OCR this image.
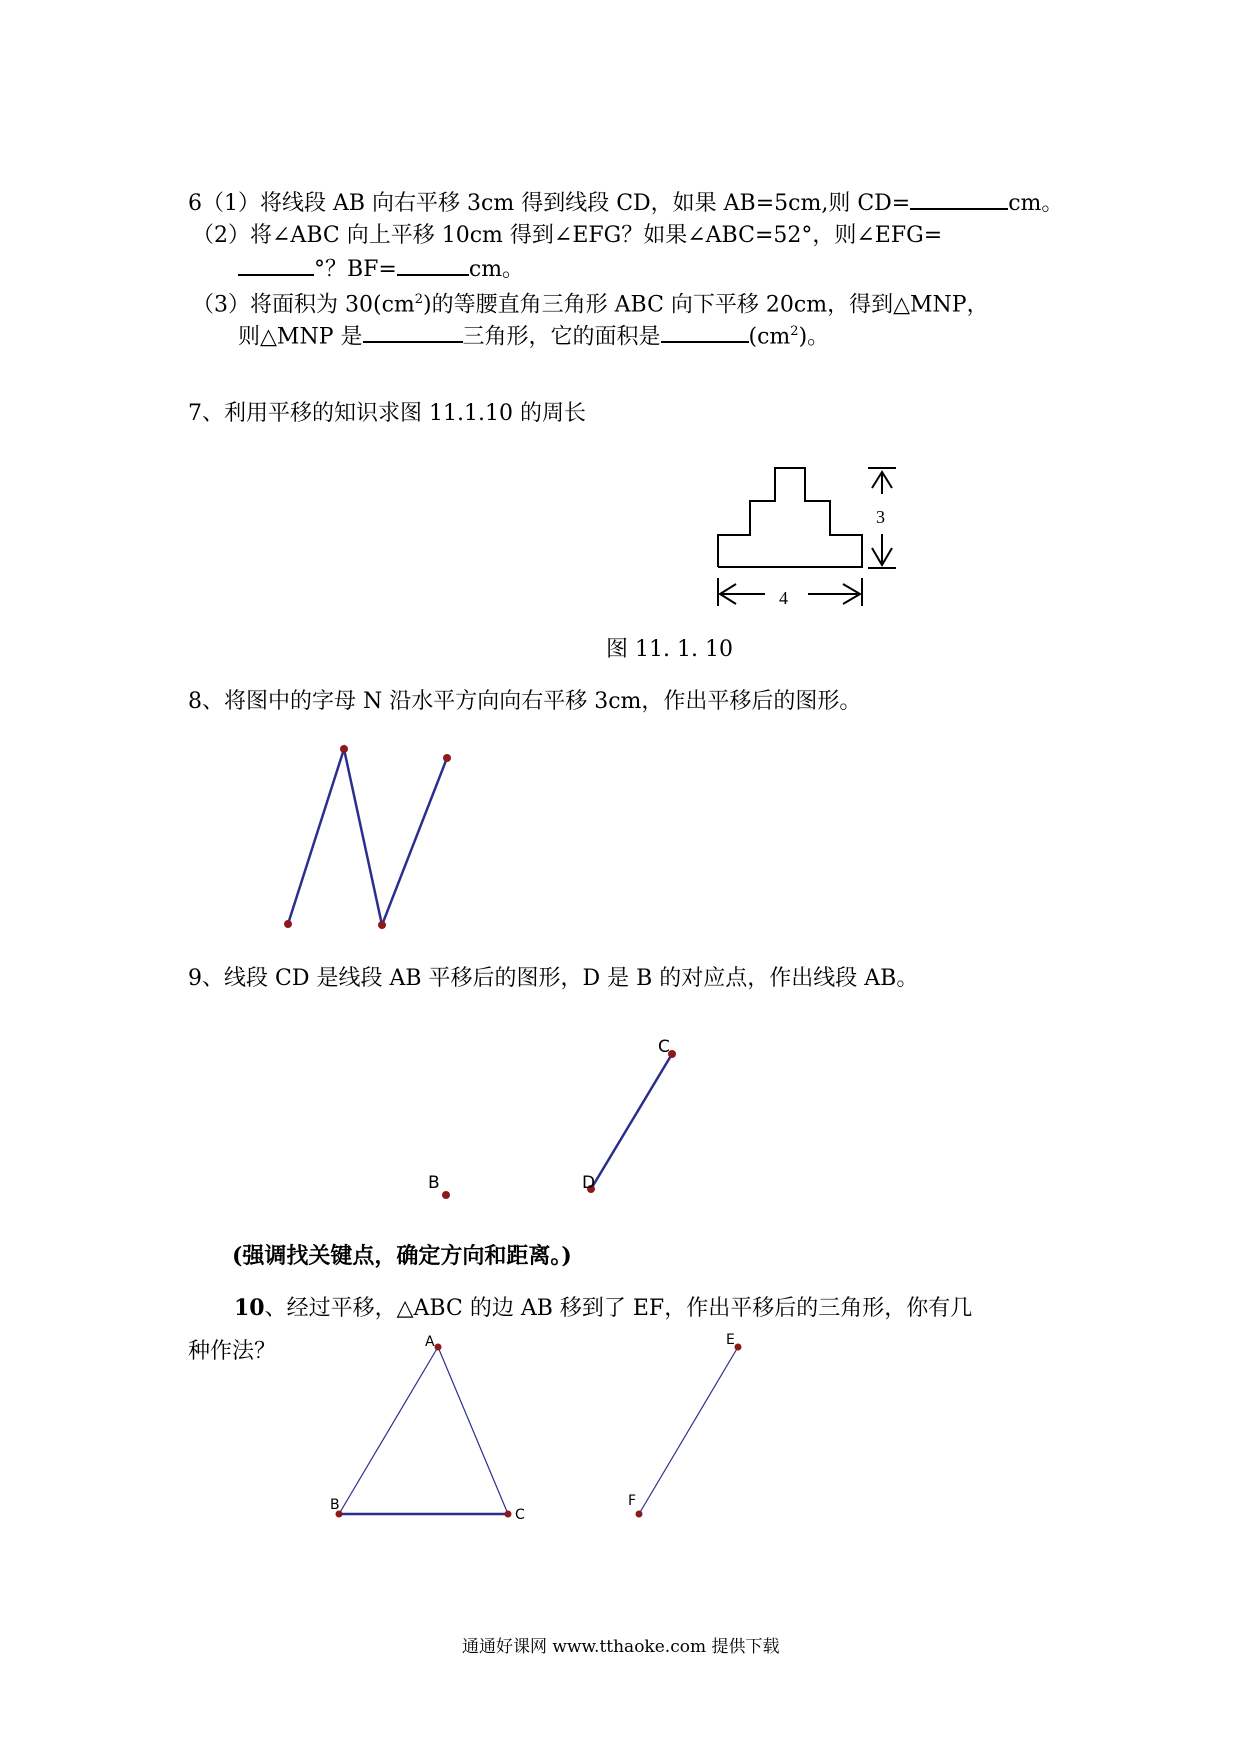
6（1）将线段 AB 向右平移 3cm 得到线段 CD，如果 AB=5cm,则 CD=	cm。
（2）将∠ABC 向上平移 10cm 得到∠EFG？如果∠ABC=52°，则∠EFG=
°？BF=	cm。
（3）将面积为 $30(cm^2)$的等腰直角三角形 ABC 向下平移 20cm，得到△MNP，
则△MNP 是	三角形，它的面积是	$(cm^2)$。
7、利用平移的知识求图 11.1.10 的周长
3
4
C
D
B
A
B
C
E
F
图 11. 1. 10
8、将图中的字母 N 沿水平方向向右平移 3cm，作出平移后的图形。
9、线段 CD 是线段 AB 平移后的图形，D 是 B 的对应点，作出线段 AB。
(强调找关键点，确定方向和距离。)
10、经过平移，△ABC 的边 AB 移到了 EF，作出平移后的三角形，你有几
种作法？
通通好课网 www.tthaoke.com 提供下载
